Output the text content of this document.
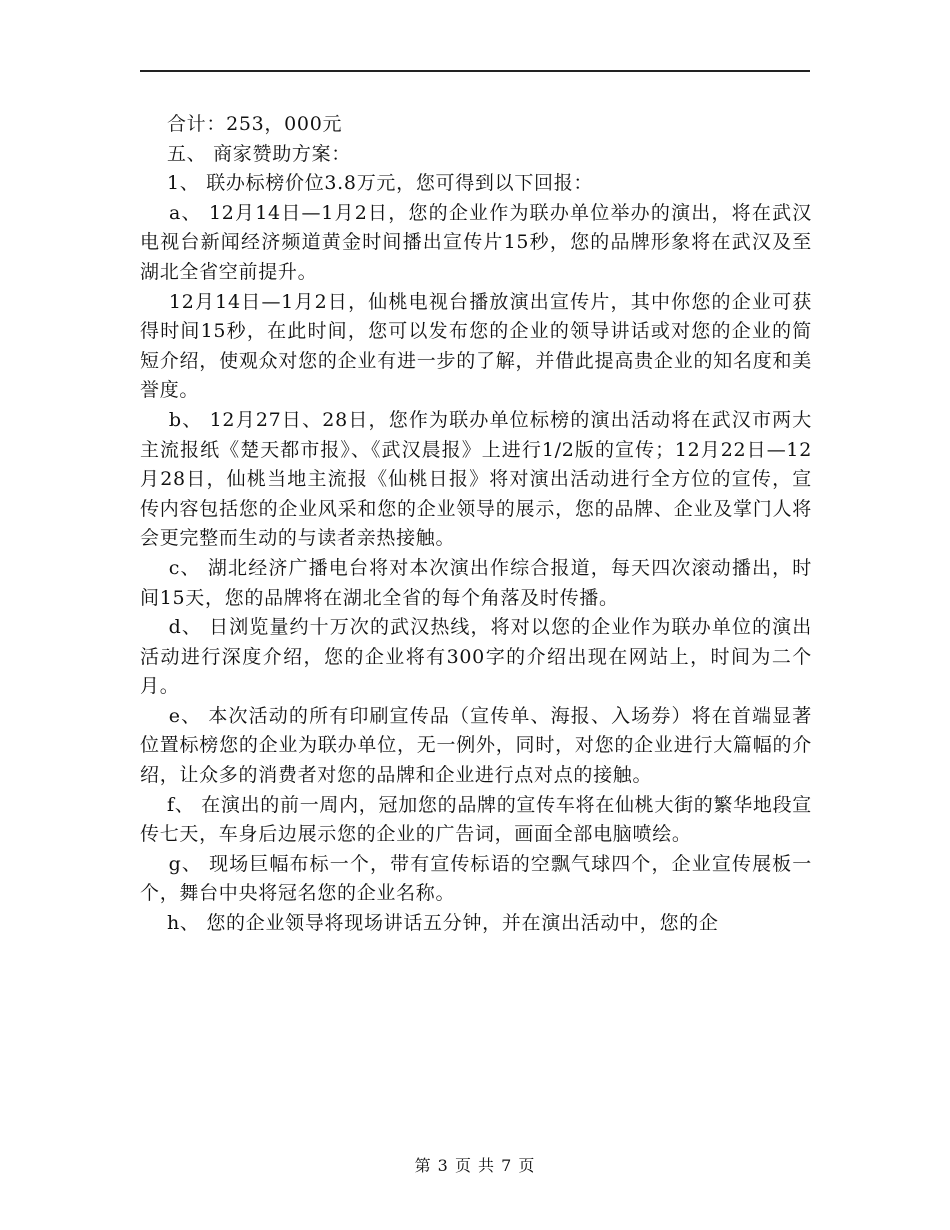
合计：253，000元

五、 商家赞助方案：

1、 联办标榜价位3.8万元，您可得到以下回报：

a、 12月14日—1月2日，您的企业作为联办单位举办的演出，将在武汉电视台新闻经济频道黄金时间播出宣传片15秒，您的品牌形象将在武汉及至湖北全省空前提升。

12月14日—1月2日，仙桃电视台播放演出宣传片，其中你您的企业可获得时间15秒，在此时间，您可以发布您的企业的领导讲话或对您的企业的简短介绍，使观众对您的企业有进一步的了解，并借此提高贵企业的知名度和美誉度。

b、 12月27日、28日，您作为联办单位标榜的演出活动将在武汉市两大主流报纸《楚天都市报》、《武汉晨报》上进行1/2版的宣传；12月22日—12月28日，仙桃当地主流报《仙桃日报》将对演出活动进行全方位的宣传，宣传内容包括您的企业风采和您的企业领导的展示，您的品牌、企业及掌门人将会更完整而生动的与读者亲热接触。

c、 湖北经济广播电台将对本次演出作综合报道，每天四次滚动播出，时间15天，您的品牌将在湖北全省的每个角落及时传播。

d、 日浏览量约十万次的武汉热线，将对以您的企业作为联办单位的演出活动进行深度介绍，您的企业将有300字的介绍出现在网站上，时间为二个月。

e、 本次活动的所有印刷宣传品（宣传单、海报、入场券）将在首端显著位置标榜您的企业为联办单位，无一例外，同时，对您的企业进行大篇幅的介绍，让众多的消费者对您的品牌和企业进行点对点的接触。

f、 在演出的前一周内，冠加您的品牌的宣传车将在仙桃大街的繁华地段宣传七天，车身后边展示您的企业的广告词，画面全部电脑喷绘。

g、 现场巨幅布标一个，带有宣传标语的空飘气球四个，企业宣传展板一个，舞台中央将冠名您的企业名称。

h、 您的企业领导将现场讲话五分钟，并在演出活动中，您的企

第 3 页 共 7 页
